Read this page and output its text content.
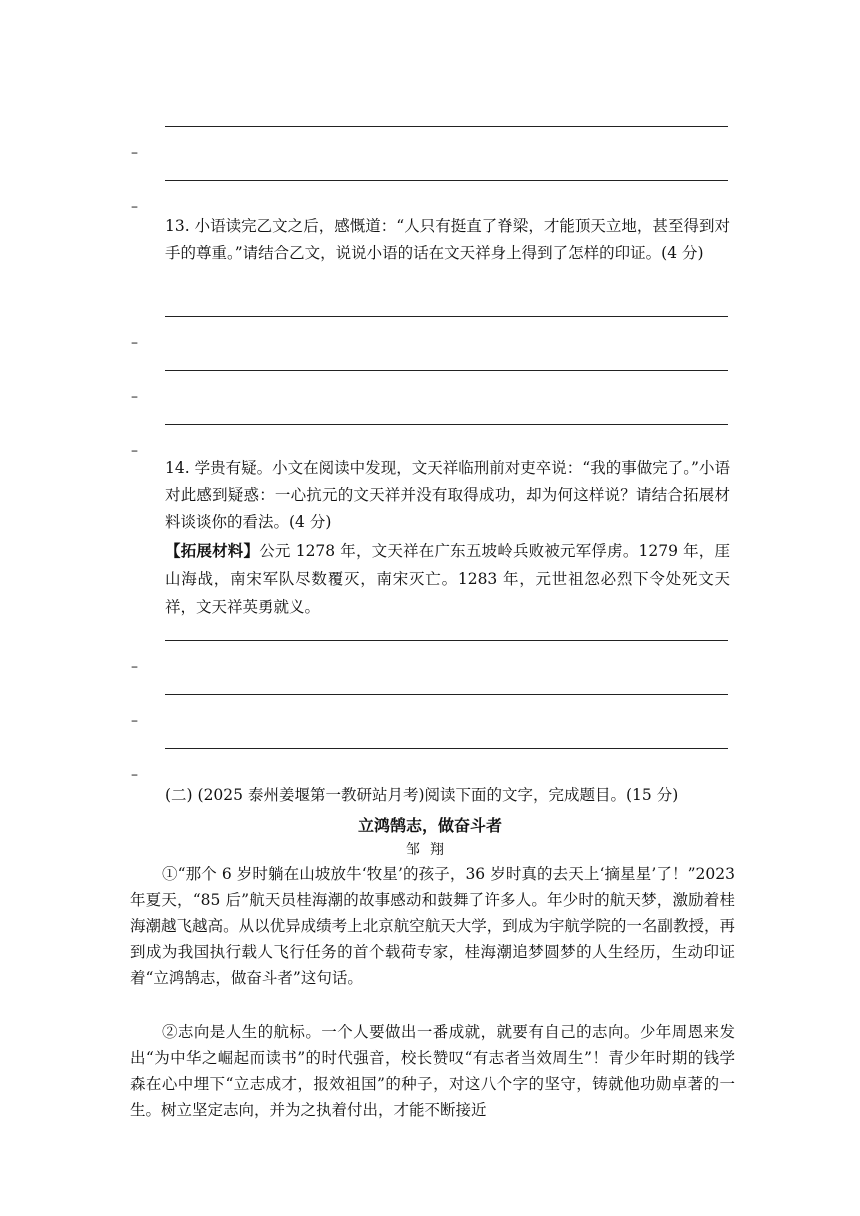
–
–
13. 小语读完乙文之后，感慨道：“人只有挺直了脊梁，才能顶天立地，甚至得到对手的尊重。”请结合乙文，说说小语的话在文天祥身上得到了怎样的印证。(4 分)
–
–
–
14. 学贵有疑。小文在阅读中发现，文天祥临刑前对吏卒说：“我的事做完了。”小语对此感到疑惑：一心抗元的文天祥并没有取得成功，却为何这样说？请结合拓展材料谈谈你的看法。(4 分)
【拓展材料】公元 1278 年，文天祥在广东五坡岭兵败被元军俘虏。1279 年，厓山海战，南宋军队尽数覆灭，南宋灭亡。1283 年，元世祖忽必烈下令处死文天祥，文天祥英勇就义。
–
–
–
(二) (2025 泰州姜堰第一教研站月考)阅读下面的文字，完成题目。(15 分)
立鸿鹄志，做奋斗者
邹翔
①“那个 6 岁时躺在山坡放牛‘牧星’的孩子，36 岁时真的去天上‘摘星星’了！”2023 年夏天，“85 后”航天员桂海潮的故事感动和鼓舞了许多人。年少时的航天梦，激励着桂海潮越飞越高。从以优异成绩考上北京航空航天大学，到成为宇航学院的一名副教授，再到成为我国执行载人飞行任务的首个载荷专家，桂海潮追梦圆梦的人生经历，生动印证着“立鸿鹄志，做奋斗者”这句话。
②志向是人生的航标。一个人要做出一番成就，就要有自己的志向。少年周恩来发出“为中华之崛起而读书”的时代强音，校长赞叹“有志者当效周生”！青少年时期的钱学森在心中埋下“立志成才，报效祖国”的种子，对这八个字的坚守，铸就他功勋卓著的一生。树立坚定志向，并为之执着付出，才能不断接近
